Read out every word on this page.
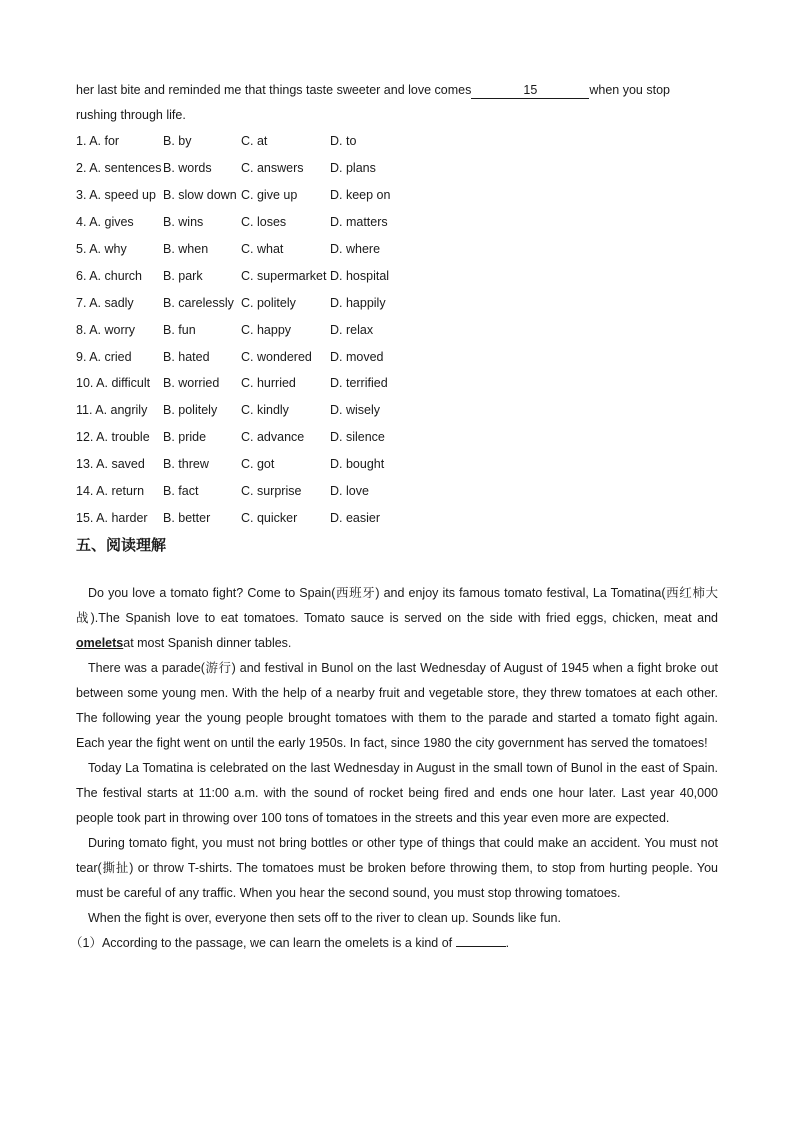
her last bite and reminded me that things taste sweeter and love comes	15	when you stop
rushing through life.
1. A. for	B. by	C. at	D. to
2. A. sentences B. words	C. answers	D. plans
3. A. speed up B. slow down C. give up	D. keep on
4. A. gives	B. wins	C. loses	D. matters
5. A. why	B. when	C. what	D. where
6. A. church	B. park	C. supermarket D. hospital
7. A. sadly	B. carelessly C. politely	D. happily
8. A. worry	B. fun	C. happy	D. relax
9. A. cried	B. hated	C. wondered	D. moved
10. A. difficult	B. worried	C. hurried	D. terrified
11. A. angrily	B. politely	C. kindly	D. wisely
12. A. trouble	B. pride	C. advance	D. silence
13. A. saved	B. threw	C. got	D. bought
14. A. return	B. fact	C. surprise	D. love
15. A. harder	B. better	C. quicker	D. easier
五、阅读理解

Do you love a tomato fight? Come to Spain(西班牙) and enjoy its famous tomato festival, La Tomatina(西红柿大战).The Spanish love to eat tomatoes. Tomato sauce is served on the side with fried eggs, chicken, meat and omeletsat most Spanish dinner tables.

There was a parade(游行) and festival in Bunol on the last Wednesday of August of 1945 when a fight broke out between some young men. With the help of a nearby fruit and vegetable store, they threw tomatoes at each other. The following year the young people brought tomatoes with them to the parade and started a tomato fight again. Each year the fight went on until the early 1950s. In fact, since 1980 the city government has served the tomatoes!

Today La Tomatina is celebrated on the last Wednesday in August in the small town of Bunol in the east of Spain. The festival starts at 11:00 a.m. with the sound of rocket being fired and ends one hour later. Last year 40,000 people took part in throwing over 100 tons of tomatoes in the streets and this year even more are expected.

During tomato fight, you must not bring bottles or other type of things that could make an accident. You must not tear(撕扯) or throw T-shirts. The tomatoes must be broken before throwing them, to stop from hurting people. You must be careful of any traffic. When you hear the second sound, you must stop throwing tomatoes.

When the fight is over, everyone then sets off to the river to clean up. Sounds like fun.

（1）According to the passage, we can learn the omelets is a kind of	.
